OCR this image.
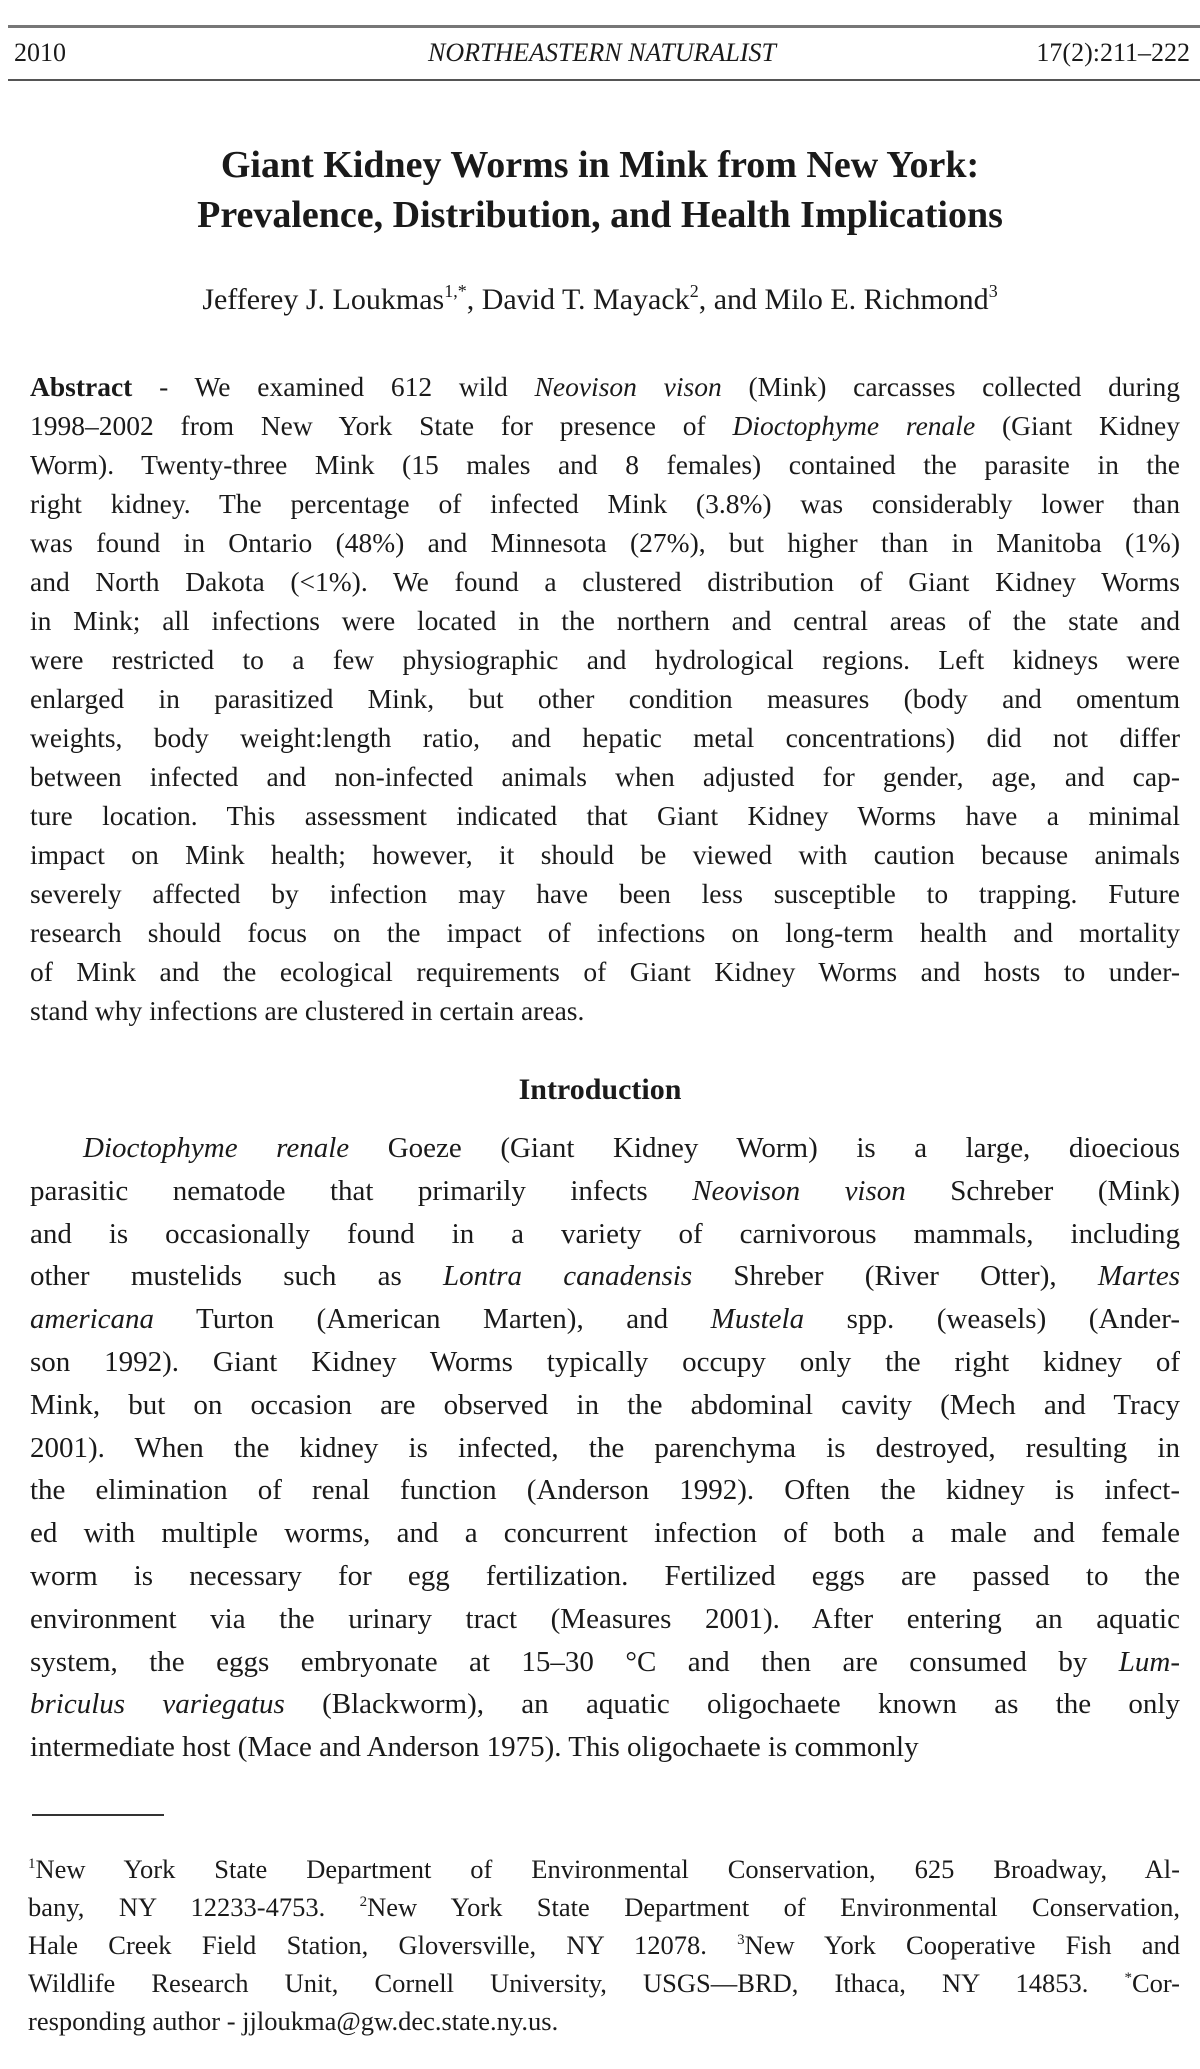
2010	NORTHEASTERN NATURALIST	17(2):211–222
Giant Kidney Worms in Mink from New York:
Prevalence, Distribution, and Health Implications
Jefferey J. Loukmas$^{1,*}$, David T. Mayack$^2$, and Milo E. Richmond$^3$
Abstract - We examined 612 wild Neovison vison (Mink) carcasses collected during
1998–2002 from New York State for presence of Dioctophyme renale (Giant Kidney
Worm). Twenty-three Mink (15 males and 8 females) contained the parasite in the
right kidney. The percentage of infected Mink (3.8%) was considerably lower than
was found in Ontario (48%) and Minnesota (27%), but higher than in Manitoba (1%)
and North Dakota (<1%). We found a clustered distribution of Giant Kidney Worms
in Mink; all infections were located in the northern and central areas of the state and
were restricted to a few physiographic and hydrological regions. Left kidneys were
enlarged in parasitized Mink, but other condition measures (body and omentum
weights, body weight:length ratio, and hepatic metal concentrations) did not differ
between infected and non-infected animals when adjusted for gender, age, and cap-
ture location. This assessment indicated that Giant Kidney Worms have a minimal
impact on Mink health; however, it should be viewed with caution because animals
severely affected by infection may have been less susceptible to trapping. Future
research should focus on the impact of infections on long-term health and mortality
of Mink and the ecological requirements of Giant Kidney Worms and hosts to under-
stand why infections are clustered in certain areas.
Introduction
Dioctophyme renale Goeze (Giant Kidney Worm) is a large, dioecious
parasitic nematode that primarily infects Neovison vison Schreber (Mink)
and is occasionally found in a variety of carnivorous mammals, including
other mustelids such as Lontra canadensis Shreber (River Otter), Martes
americana Turton (American Marten), and Mustela spp. (weasels) (Ander-
son 1992). Giant Kidney Worms typically occupy only the right kidney of
Mink, but on occasion are observed in the abdominal cavity (Mech and Tracy
2001). When the kidney is infected, the parenchyma is destroyed, resulting in
the elimination of renal function (Anderson 1992). Often the kidney is infect-
ed with multiple worms, and a concurrent infection of both a male and female
worm is necessary for egg fertilization. Fertilized eggs are passed to the
environment via the urinary tract (Measures 2001). After entering an aquatic
system, the eggs embryonate at 15–30 °C and then are consumed by Lum-
briculus variegatus (Blackworm), an aquatic oligochaete known as the only
intermediate host (Mace and Anderson 1975). This oligochaete is commonly
$^1$New York State Department of Environmental Conservation, 625 Broadway, Al-
bany, NY 12233-4753. $^2$New York State Department of Environmental Conservation,
Hale Creek Field Station, Gloversville, NY 12078. $^3$New York Cooperative Fish and
Wildlife Research Unit, Cornell University, USGS—BRD, Ithaca, NY 14853. *Cor-
responding author - jjloukma@gw.dec.state.ny.us.
